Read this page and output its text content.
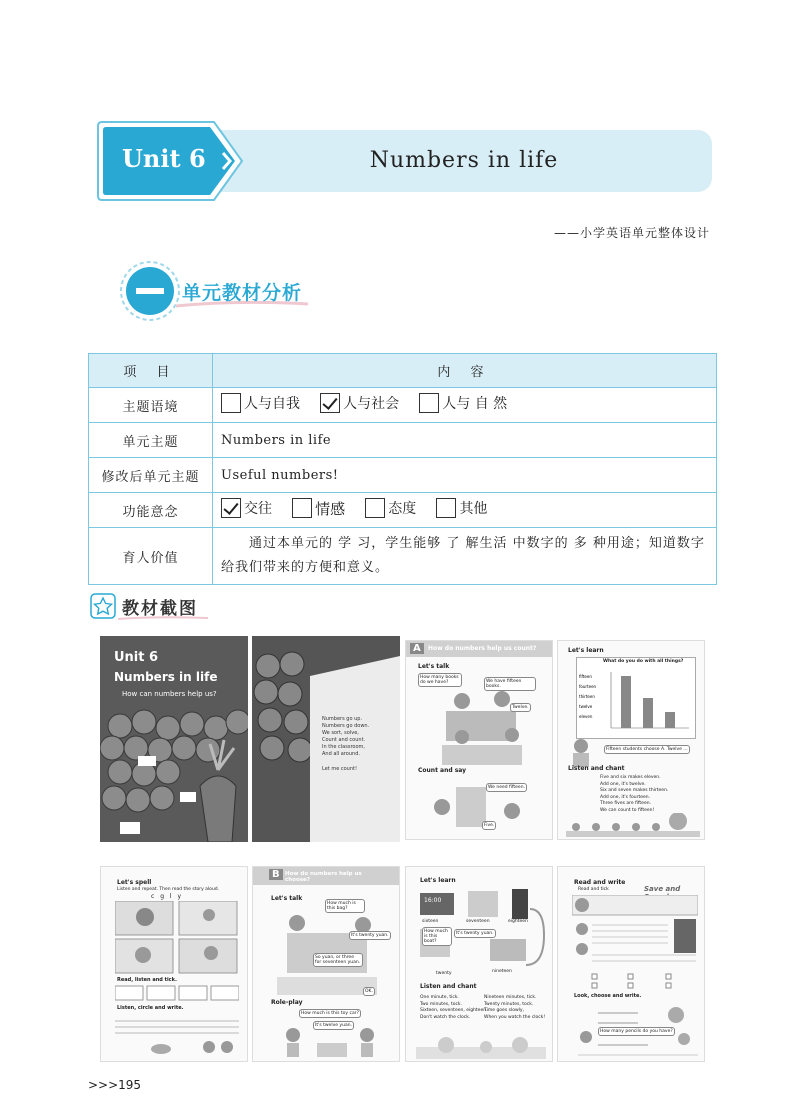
Unit 6	Numbers in life
——小学英语单元整体设计
单元教材分析
项 目	内 容
主题语境	人与自我
人与社会
人与 自 然

单元主题	Numbers in life
修改后单元主题	Useful numbers!
功能意念	交往
情感
态度
其他

育人价值	通过本单元的 学 习，学生能够 了 解生活 中数字的 多 种用途；知道数字
给我们带来的方便和意义。
教材截图
Unit 6
Numbers in life
How can numbers help us?
Numbers go up.
Numbers go down.
We sort, solve,
Count and count.
In the classroom,
And all around.
Let me count!
A	How do numbers help us count?
Let's talk
How many books do we have?	We have fifteen books.
Twelve.
Count and say
We need fifteen.
Five.
Let's learn
What do you do with all things?
fifteen
fourteen
thirteen
twelve
eleven
Fifteen students choose A. Twelve ...
Listen and chant
Five and six makes eleven.
Add one, it's twelve.
Six and seven makes thirteen.
Add one, it's fourteen.
Three fives are fifteen.
We can count to fifteen!
Let's spell
Listen and repeat. Then read the story aloud.
c g l y
Read, listen and tick.
Listen, circle and write.
B How do numbers help us choose?
Let's talk
How much is this bag?
It's twenty yuan.
So yuan, or three for seventeen yuan.
OK.
Role-play
How much is this toy car?
It's twelve yuan.
Let's learn
16:00
sixteen	seventeen	eighteen
How much is this boat?
It's twenty yuan.
twenty	nineteen
Listen and chant
One minute, tick.
Two minutes, tock.
Sixteen, seventeen, eighteen.
Don't watch the clock.
Nineteen minutes, tick.
Twenty minutes, tock.
Time goes slowly,
When you watch the clock!
Read and write
Read and tick	Save and
Look, choose and write.
How many pencils do you have?
>>>195
